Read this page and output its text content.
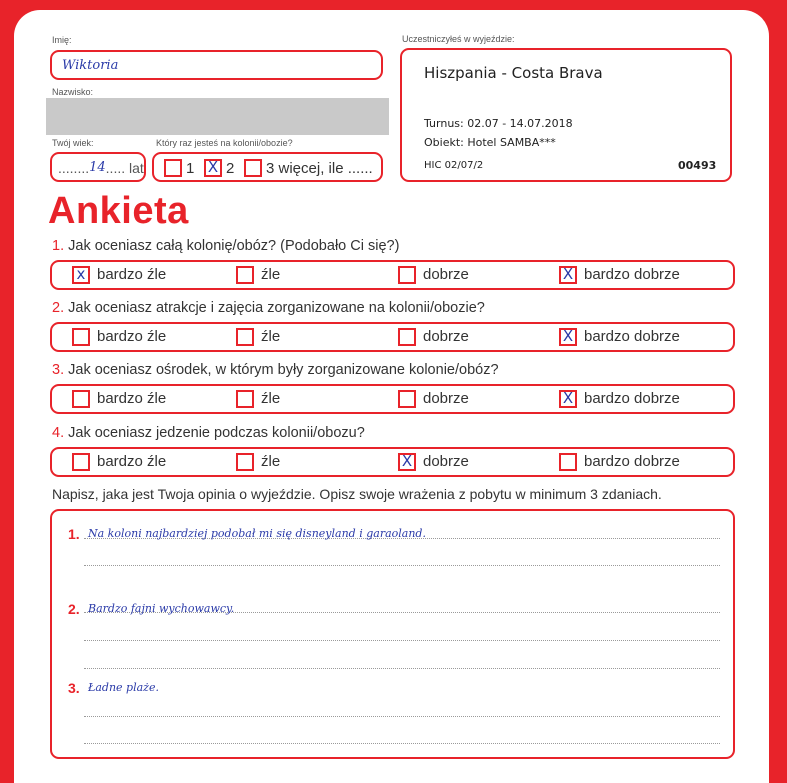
Imię:
Wiktoria
Nazwisko:
Twój wiek:
........14..... lat
Który raz jesteś na kolonii/obozie?
1 X 2 3 więcej, ile ......
Uczestniczyłeś w wyjeździe:
Hiszpania - Costa Brava
Turnus: 02.07 - 14.07.2018
Obiekt: Hotel SAMBA***
HIC 02/07/2	00493
Ankieta
1. Jak oceniasz całą kolonię/obóz? (Podobało Ci się?)
x bardzo źle	źle	dobrze	X bardzo dobrze
2. Jak oceniasz atrakcje i zajęcia zorganizowane na kolonii/obozie?
bardzo źle	źle	dobrze	X bardzo dobrze
3. Jak oceniasz ośrodek, w którym były zorganizowane kolonie/obóz?
bardzo źle	źle	dobrze	X bardzo dobrze
4. Jak oceniasz jedzenie podczas kolonii/obozu?
bardzo źle	źle	X dobrze	bardzo dobrze
Napisz, jaka jest Twoja opinia o wyjeździe. Opisz swoje wrażenia z pobytu w minimum 3 zdaniach.
1. Na koloni najbardziej podobał mi się disneyland i garaoland.
2. Bardzo fajni wychowawcy.
3. Ładne plaże.
